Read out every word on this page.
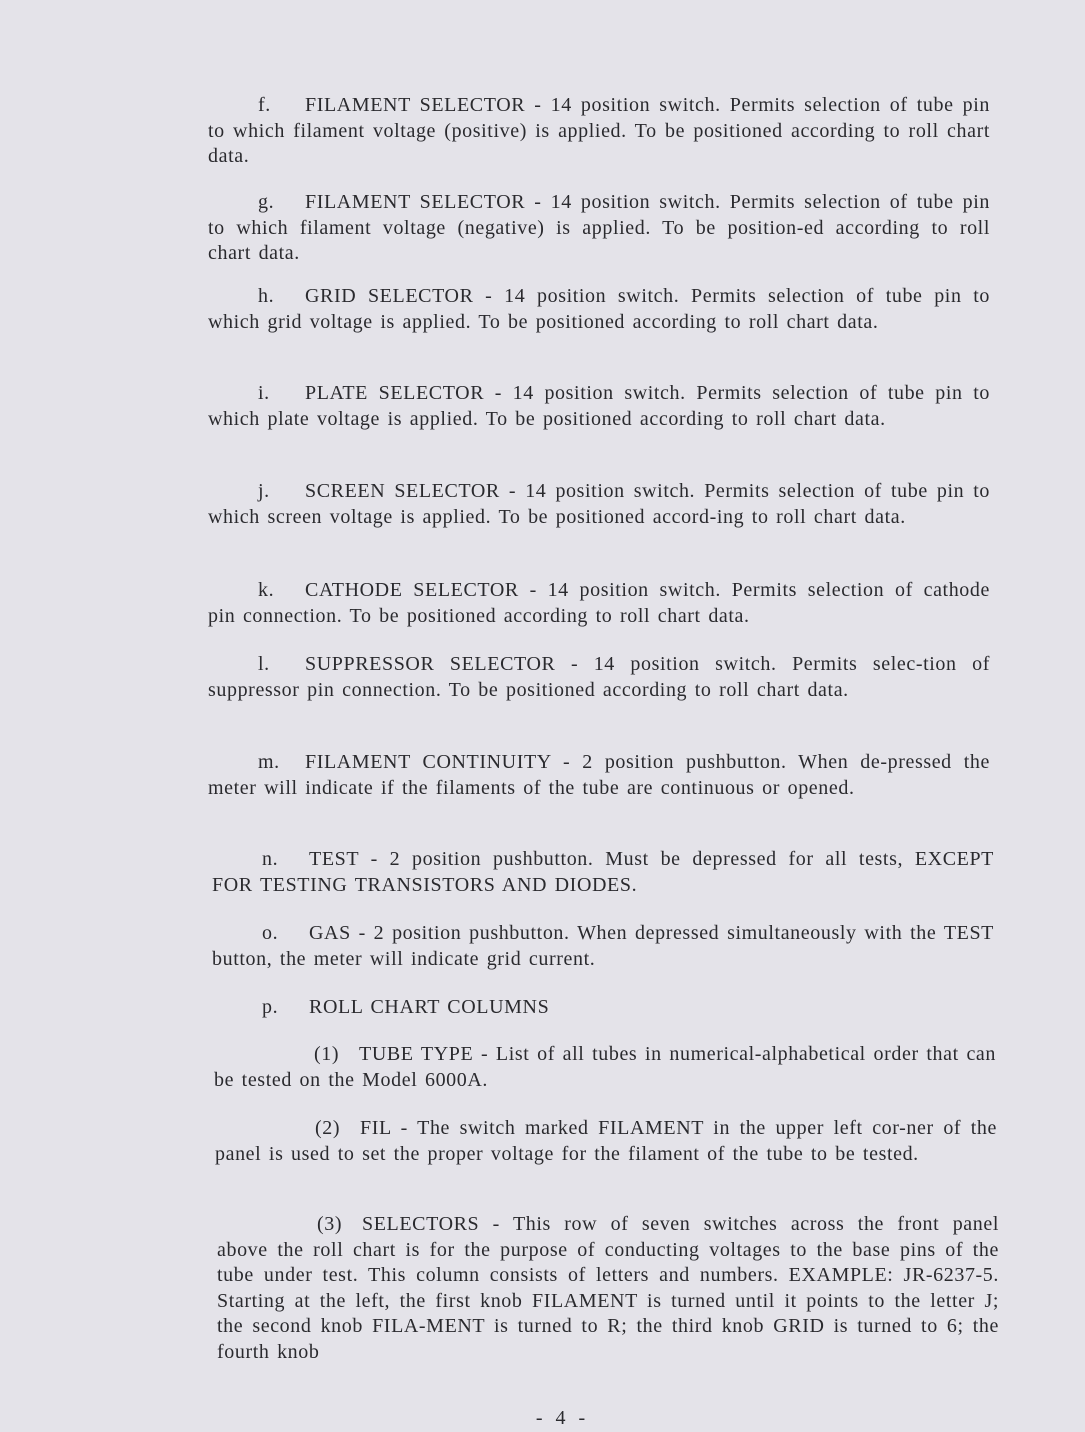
f. FILAMENT SELECTOR - 14 position switch. Permits selection of tube pin to which filament voltage (positive) is applied. To be positioned according to roll chart data.
g. FILAMENT SELECTOR - 14 position switch. Permits selection of tube pin to which filament voltage (negative) is applied. To be position-ed according to roll chart data.
h. GRID SELECTOR - 14 position switch. Permits selection of tube pin to which grid voltage is applied. To be positioned according to roll chart data.
i. PLATE SELECTOR - 14 position switch. Permits selection of tube pin to which plate voltage is applied. To be positioned according to roll chart data.
j. SCREEN SELECTOR - 14 position switch. Permits selection of tube pin to which screen voltage is applied. To be positioned accord-ing to roll chart data.
k. CATHODE SELECTOR - 14 position switch. Permits selection of cathode pin connection. To be positioned according to roll chart data.
l. SUPPRESSOR SELECTOR - 14 position switch. Permits selec-tion of suppressor pin connection. To be positioned according to roll chart data.
m. FILAMENT CONTINUITY - 2 position pushbutton. When de-pressed the meter will indicate if the filaments of the tube are continuous or opened.
n. TEST - 2 position pushbutton. Must be depressed for all tests, EXCEPT FOR TESTING TRANSISTORS AND DIODES.
o. GAS - 2 position pushbutton. When depressed simultaneously with the TEST button, the meter will indicate grid current.
p. ROLL CHART COLUMNS
(1) TUBE TYPE - List of all tubes in numerical-alphabetical order that can be tested on the Model 6000A.
(2) FIL - The switch marked FILAMENT in the upper left cor-ner of the panel is used to set the proper voltage for the filament of the tube to be tested.
(3) SELECTORS - This row of seven switches across the front panel above the roll chart is for the purpose of conducting voltages to the base pins of the tube under test. This column consists of letters and numbers. EXAMPLE: JR-6237-5. Starting at the left, the first knob FILAMENT is turned until it points to the letter J; the second knob FILA-MENT is turned to R; the third knob GRID is turned to 6; the fourth knob
- 4 -
